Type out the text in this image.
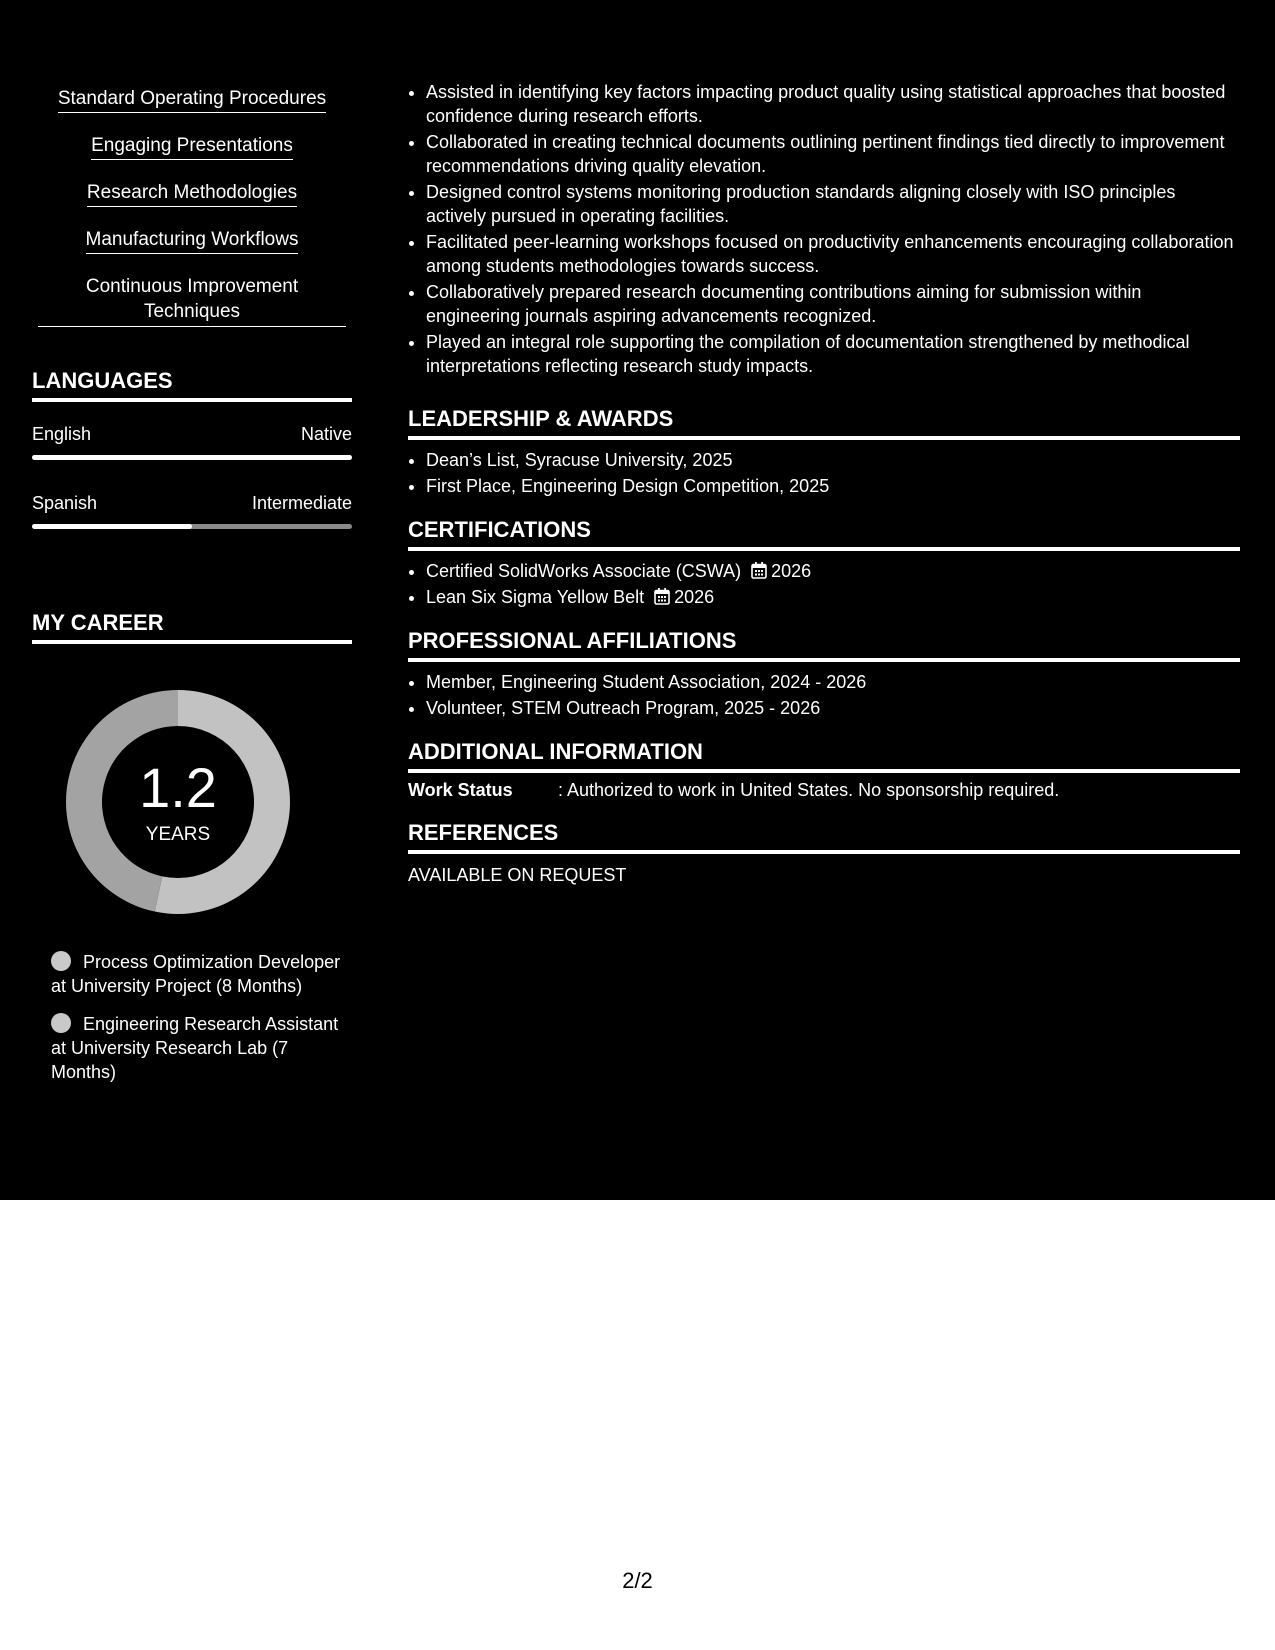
Standard Operating Procedures
Engaging Presentations
Research Methodologies
Manufacturing Workflows
Continuous Improvement Techniques
LANGUAGES
English	Native
Spanish	Intermediate
MY CAREER
1.2
YEARS
Process Optimization Developer at University Project (8 Months)
Engineering Research Assistant at University Research Lab (7 Months)
• Assisted in identifying key factors impacting product quality using statistical approaches that boosted confidence during research efforts.
• Collaborated in creating technical documents outlining pertinent findings tied directly to improvement recommendations driving quality elevation.
• Designed control systems monitoring production standards aligning closely with ISO principles actively pursued in operating facilities.
• Facilitated peer-learning workshops focused on productivity enhancements encouraging collaboration among students methodologies towards success.
• Collaboratively prepared research documenting contributions aiming for submission within engineering journals aspiring advancements recognized.
• Played an integral role supporting the compilation of documentation strengthened by methodical interpretations reflecting research study impacts.
LEADERSHIP & AWARDS
• Dean’s List, Syracuse University, 2025
• First Place, Engineering Design Competition, 2025
CERTIFICATIONS
• Certified SolidWorks Associate (CSWA) 2026
• Lean Six Sigma Yellow Belt 2026
PROFESSIONAL AFFILIATIONS
• Member, Engineering Student Association, 2024 - 2026
• Volunteer, STEM Outreach Program, 2025 - 2026
ADDITIONAL INFORMATION
Work Status	: Authorized to work in United States. No sponsorship required.
REFERENCES
AVAILABLE ON REQUEST
2/2
